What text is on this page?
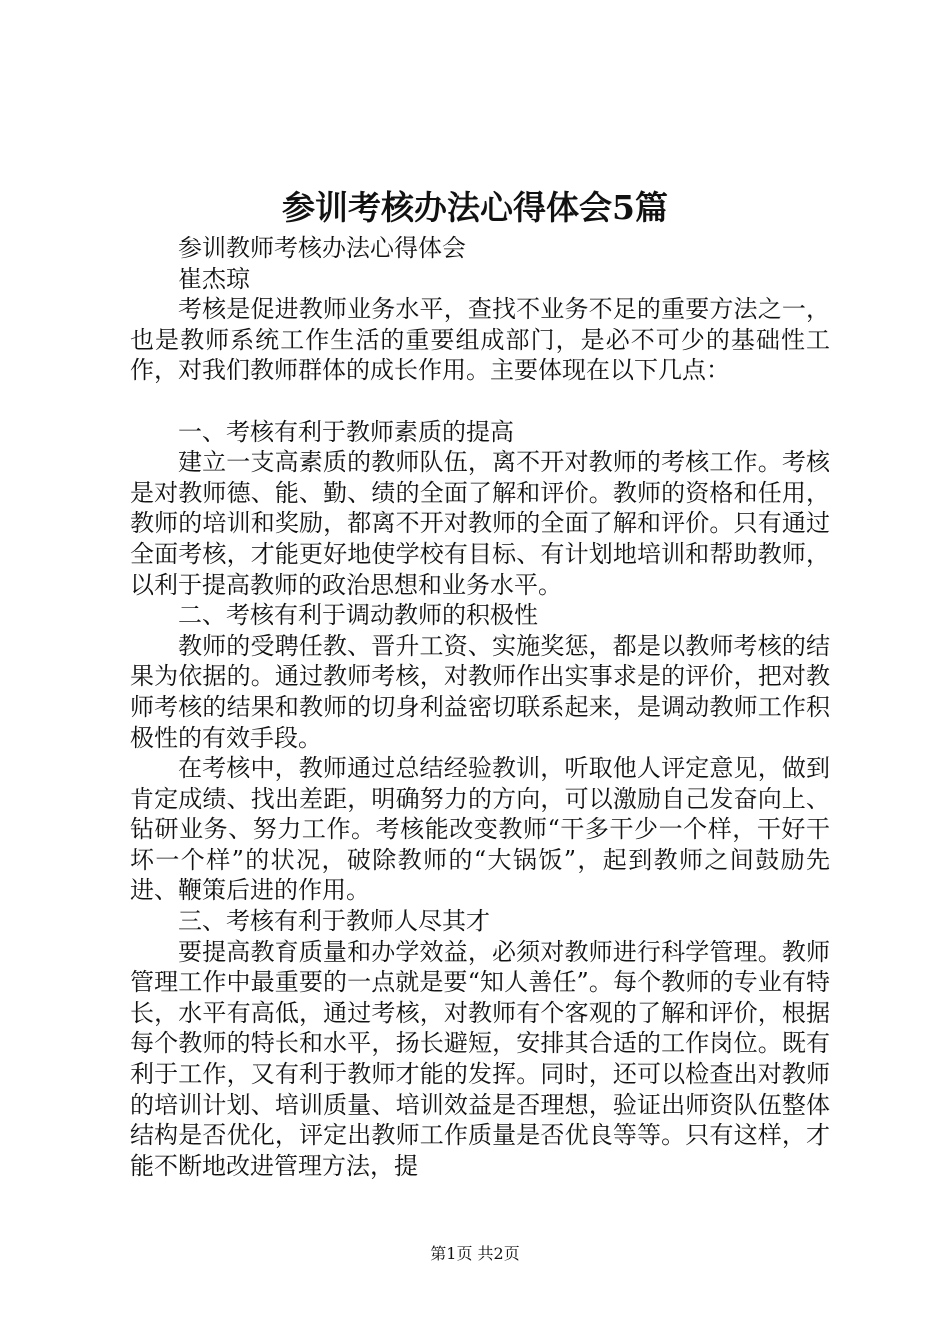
参训考核办法心得体会5篇

参训教师考核办法心得体会

崔杰琼

考核是促进教师业务水平，查找不业务不足的重要方法之一，也是教师系统工作生活的重要组成部门，是必不可少的基础性工作，对我们教师群体的成长作用。主要体现在以下几点：

一、考核有利于教师素质的提高

建立一支高素质的教师队伍，离不开对教师的考核工作。考核是对教师德、能、勤、绩的全面了解和评价。教师的资格和任用，教师的培训和奖励，都离不开对教师的全面了解和评价。只有通过全面考核，才能更好地使学校有目标、有计划地培训和帮助教师，以利于提高教师的政治思想和业务水平。

二、考核有利于调动教师的积极性

教师的受聘任教、晋升工资、实施奖惩，都是以教师考核的结果为依据的。通过教师考核，对教师作出实事求是的评价，把对教师考核的结果和教师的切身利益密切联系起来，是调动教师工作积极性的有效手段。

在考核中，教师通过总结经验教训，听取他人评定意见，做到肯定成绩、找出差距，明确努力的方向，可以激励自己发奋向上、钻研业务、努力工作。考核能改变教师“干多干少一个样，干好干坏一个样”的状况，破除教师的“大锅饭”，起到教师之间鼓励先进、鞭策后进的作用。

三、考核有利于教师人尽其才

要提高教育质量和办学效益，必须对教师进行科学管理。教师管理工作中最重要的一点就是要“知人善任”。每个教师的专业有特长，水平有高低，通过考核，对教师有个客观的了解和评价，根据每个教师的特长和水平，扬长避短，安排其合适的工作岗位。既有利于工作，又有利于教师才能的发挥。同时，还可以检查出对教师的培训计划、培训质量、培训效益是否理想，验证出师资队伍整体结构是否优化，评定出教师工作质量是否优良等等。只有这样，才能不断地改进管理方法，提

第1页 共2页
